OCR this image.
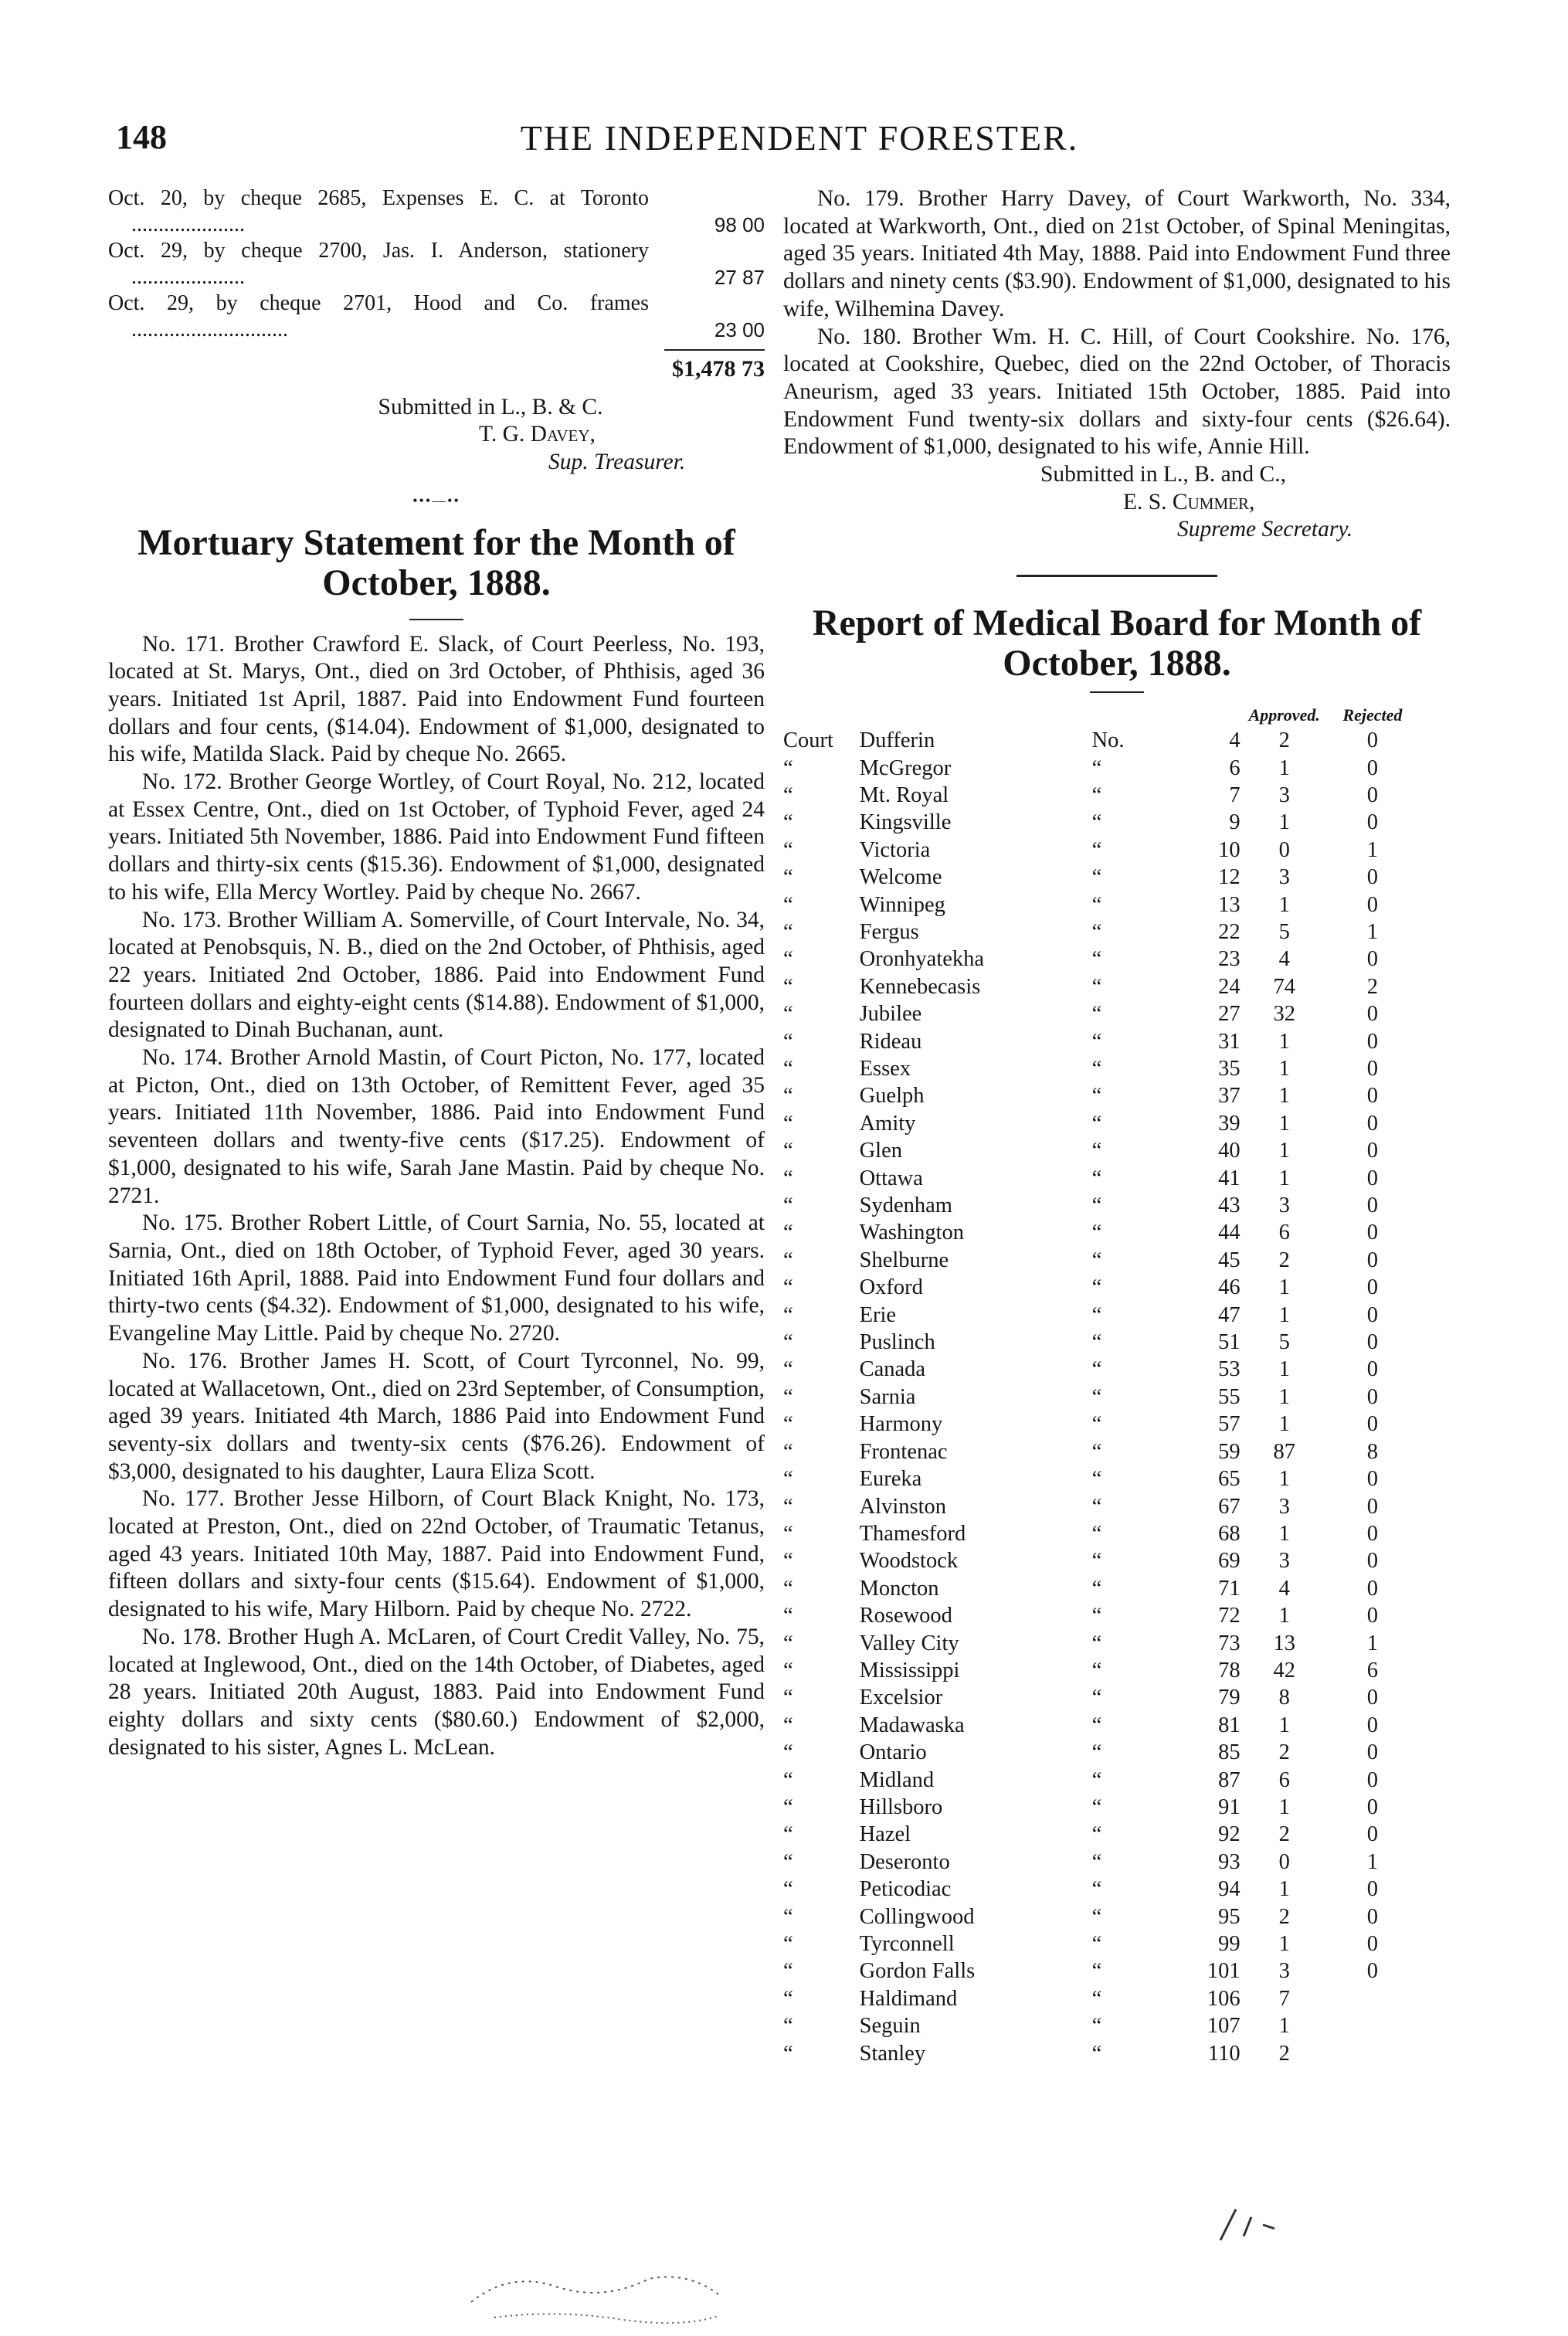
148	THE INDEPENDENT FORESTER.
Oct. 20, by cheque 2685, Expenses E. C. at Toronto .....................	98 00
Oct. 29, by cheque 2700, Jas. I. Anderson, stationery .....................	27 87
Oct. 29, by cheque 2701, Hood and Co. frames .............................	23 00
$1,478 73

Submitted in L., B. & C.

T. G. Davey,

Sup. Treasurer.

•••—••
Mortuary Statement for the Month of October, 1888.

No. 171. Brother Crawford E. Slack, of Court Peerless, No. 193, located at St. Marys, Ont., died on 3rd October, of Phthisis, aged 36 years. Initiated 1st April, 1887. Paid into Endowment Fund fourteen dollars and four cents, ($14.04). Endowment of $1,000, designated to his wife, Matilda Slack. Paid by cheque No. 2665.

No. 172. Brother George Wortley, of Court Royal, No. 212, located at Essex Centre, Ont., died on 1st October, of Typhoid Fever, aged 24 years. Initiated 5th November, 1886. Paid into Endowment Fund fifteen dollars and thirty-six cents ($15.36). Endowment of $1,000, designated to his wife, Ella Mercy Wortley. Paid by cheque No. 2667.

No. 173. Brother William A. Somerville, of Court Intervale, No. 34, located at Penobsquis, N. B., died on the 2nd October, of Phthisis, aged 22 years. Initiated 2nd October, 1886. Paid into Endowment Fund fourteen dollars and eighty-eight cents ($14.88). Endowment of $1,000, designated to Dinah Buchanan, aunt.

No. 174. Brother Arnold Mastin, of Court Picton, No. 177, located at Picton, Ont., died on 13th October, of Remittent Fever, aged 35 years. Initiated 11th November, 1886. Paid into Endowment Fund seventeen dollars and twenty-five cents ($17.25). Endowment of $1,000, designated to his wife, Sarah Jane Mastin. Paid by cheque No. 2721.

No. 175. Brother Robert Little, of Court Sarnia, No. 55, located at Sarnia, Ont., died on 18th October, of Typhoid Fever, aged 30 years. Initiated 16th April, 1888. Paid into Endowment Fund four dollars and thirty-two cents ($4.32). Endowment of $1,000, designated to his wife, Evangeline May Little. Paid by cheque No. 2720.

No. 176. Brother James H. Scott, of Court Tyrconnel, No. 99, located at Wallacetown, Ont., died on 23rd September, of Consumption, aged 39 years. Initiated 4th March, 1886 Paid into Endowment Fund seventy-six dollars and twenty-six cents ($76.26). Endowment of $3,000, designated to his daughter, Laura Eliza Scott.

No. 177. Brother Jesse Hilborn, of Court Black Knight, No. 173, located at Preston, Ont., died on 22nd October, of Traumatic Tetanus, aged 43 years. Initiated 10th May, 1887. Paid into Endowment Fund, fifteen dollars and sixty-four cents ($15.64). Endowment of $1,000, designated to his wife, Mary Hilborn. Paid by cheque No. 2722.

No. 178. Brother Hugh A. McLaren, of Court Credit Valley, No. 75, located at Inglewood, Ont., died on the 14th October, of Diabetes, aged 28 years. Initiated 20th August, 1883. Paid into Endowment Fund eighty dollars and sixty cents ($80.60.) Endowment of $2,000, designated to his sister, Agnes L. McLean.

No. 179. Brother Harry Davey, of Court Warkworth, No. 334, located at Warkworth, Ont., died on 21st October, of Spinal Meningitas, aged 35 years. Initiated 4th May, 1888. Paid into Endowment Fund three dollars and ninety cents ($3.90). Endowment of $1,000, designated to his wife, Wilhemina Davey.

No. 180. Brother Wm. H. C. Hill, of Court Cookshire. No. 176, located at Cookshire, Quebec, died on the 22nd October, of Thoracis Aneurism, aged 33 years. Initiated 15th October, 1885. Paid into Endowment Fund twenty-six dollars and sixty-four cents ($26.64). Endowment of $1,000, designated to his wife, Annie Hill.

Submitted in L., B. and C.,

E. S. Cummer,

Supreme Secretary.

Report of Medical Board for Month of October, 1888.
				Approved.	Rejected
Court	Dufferin	No.	4	2	0
“	McGregor	“	6	1	0
“	Mt. Royal	“	7	3	0
“	Kingsville	“	9	1	0
“	Victoria	“	10	0	1
“	Welcome	“	12	3	0
“	Winnipeg	“	13	1	0
“	Fergus	“	22	5	1
“	Oronhyatekha	“	23	4	0
“	Kennebecasis	“	24	74	2
“	Jubilee	“	27	32	0
“	Rideau	“	31	1	0
“	Essex	“	35	1	0
“	Guelph	“	37	1	0
“	Amity	“	39	1	0
“	Glen	“	40	1	0
“	Ottawa	“	41	1	0
“	Sydenham	“	43	3	0
“	Washington	“	44	6	0
“	Shelburne	“	45	2	0
“	Oxford	“	46	1	0
“	Erie	“	47	1	0
“	Puslinch	“	51	5	0
“	Canada	“	53	1	0
“	Sarnia	“	55	1	0
“	Harmony	“	57	1	0
“	Frontenac	“	59	87	8
“	Eureka	“	65	1	0
“	Alvinston	“	67	3	0
“	Thamesford	“	68	1	0
“	Woodstock	“	69	3	0
“	Moncton	“	71	4	0
“	Rosewood	“	72	1	0
“	Valley City	“	73	13	1
“	Mississippi	“	78	42	6
“	Excelsior	“	79	8	0
“	Madawaska	“	81	1	0
“	Ontario	“	85	2	0
“	Midland	“	87	6	0
“	Hillsboro	“	91	1	0
“	Hazel	“	92	2	0
“	Deseronto	“	93	0	1
“	Peticodiac	“	94	1	0
“	Collingwood	“	95	2	0
“	Tyrconnell	“	99	1	0
“	Gordon Falls	“	101	3	0
“	Haldimand	“	106	7	
“	Seguin	“	107	1	
“	Stanley	“	110	2	
